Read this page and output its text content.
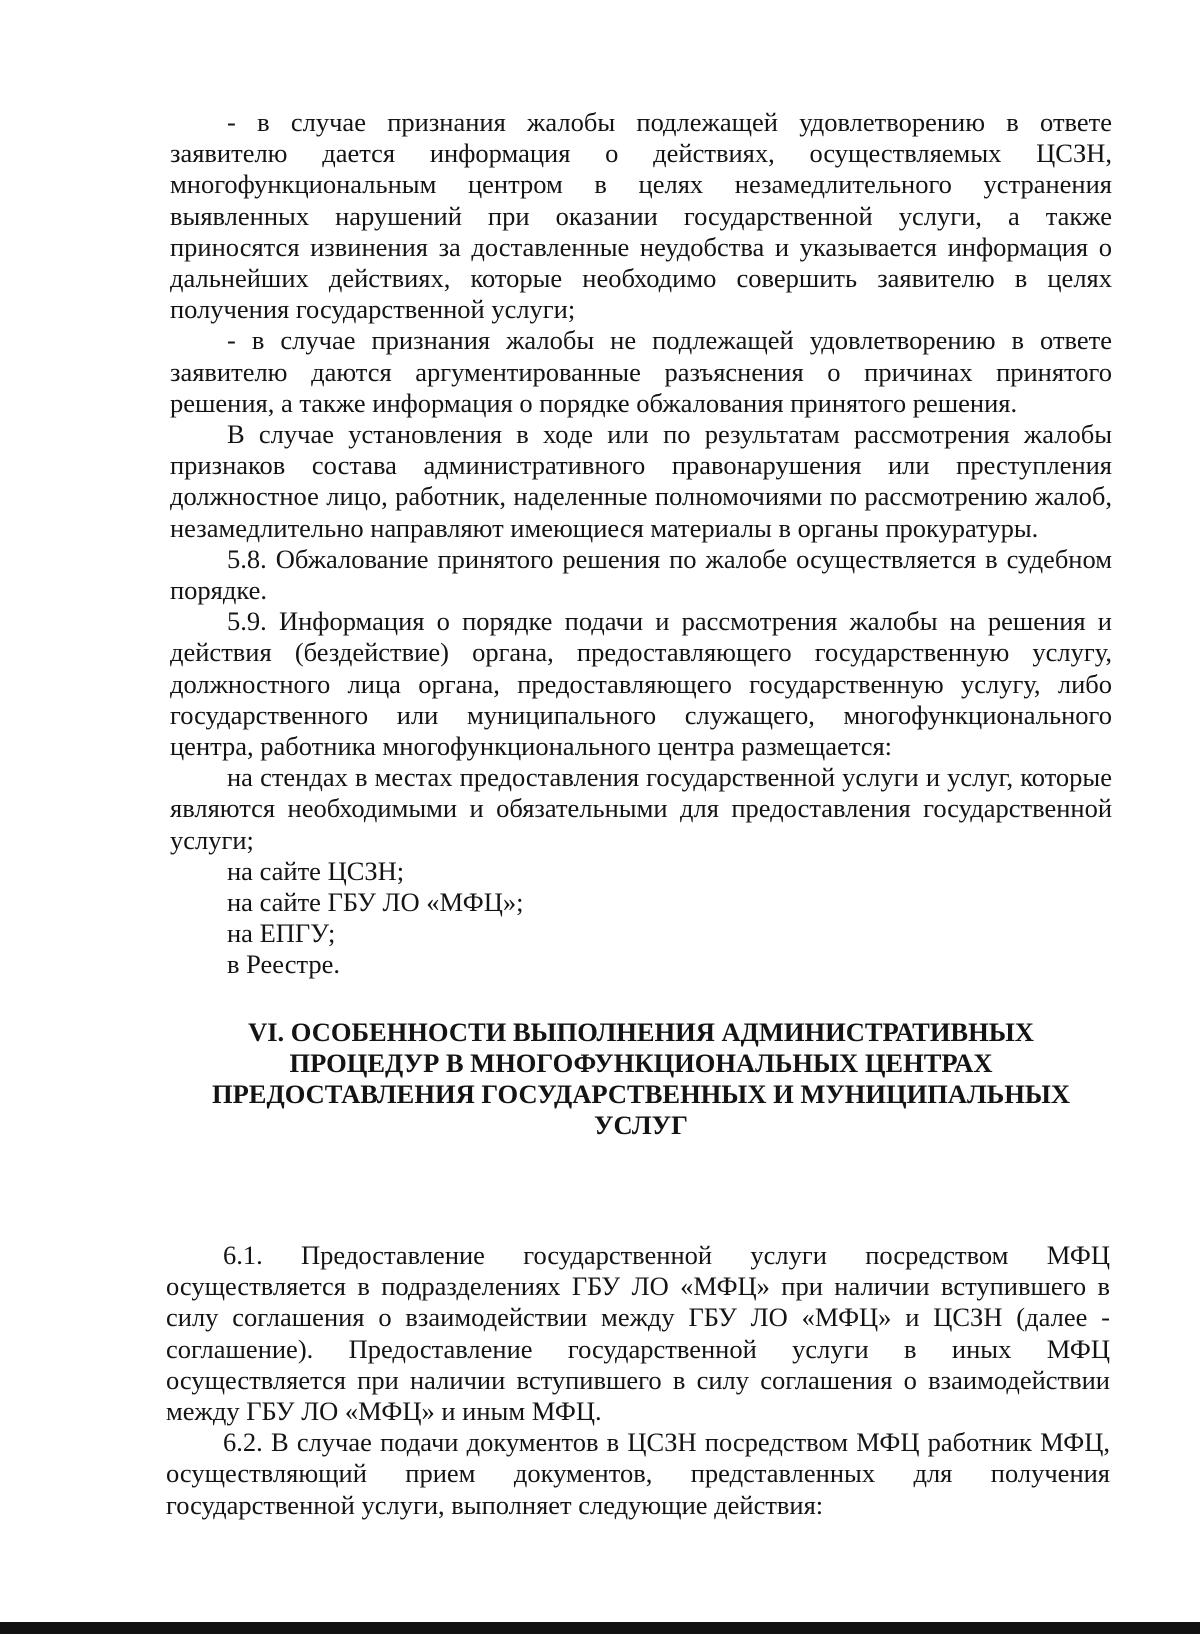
- в случае признания жалобы подлежащей удовлетворению в ответе заявителю дается информация о действиях, осуществляемых ЦСЗН, многофункциональным центром в целях незамедлительного устранения выявленных нарушений при оказании государственной услуги, а также приносятся извинения за доставленные неудобства и указывается информация о дальнейших действиях, которые необходимо совершить заявителю в целях получения государственной услуги;

- в случае признания жалобы не подлежащей удовлетворению в ответе заявителю даются аргументированные разъяснения о причинах принятого решения, а также информация о порядке обжалования принятого решения.

В случае установления в ходе или по результатам рассмотрения жалобы признаков состава административного правонарушения или преступления должностное лицо, работник, наделенные полномочиями по рассмотрению жалоб, незамедлительно направляют имеющиеся материалы в органы прокуратуры.

5.8. Обжалование принятого решения по жалобе осуществляется в судебном порядке.

5.9. Информация о порядке подачи и рассмотрения жалобы на решения и действия (бездействие) органа, предоставляющего государственную услугу, должностного лица органа, предоставляющего государственную услугу, либо государственного или муниципального служащего, многофункционального центра, работника многофункционального центра размещается:

на стендах в местах предоставления государственной услуги и услуг, которые являются необходимыми и обязательными для предоставления государственной услуги;

на сайте ЦСЗН;

на сайте ГБУ ЛО «МФЦ»;

на ЕПГУ;

в Реестре.

VI. ОСОБЕННОСТИ ВЫПОЛНЕНИЯ АДМИНИСТРАТИВНЫХ
ПРОЦЕДУР В МНОГОФУНКЦИОНАЛЬНЫХ ЦЕНТРАХ
ПРЕДОСТАВЛЕНИЯ ГОСУДАРСТВЕННЫХ И МУНИЦИПАЛЬНЫХ
УСЛУГ

6.1. Предоставление государственной услуги посредством МФЦ осуществляется в подразделениях ГБУ ЛО «МФЦ» при наличии вступившего в силу соглашения о взаимодействии между ГБУ ЛО «МФЦ» и ЦСЗН (далее - соглашение). Предоставление государственной услуги в иных МФЦ осуществляется при наличии вступившего в силу соглашения о взаимодействии между ГБУ ЛО «МФЦ» и иным МФЦ.

6.2. В случае подачи документов в ЦСЗН посредством МФЦ работник МФЦ, осуществляющий прием документов, представленных для получения государственной услуги, выполняет следующие действия:
